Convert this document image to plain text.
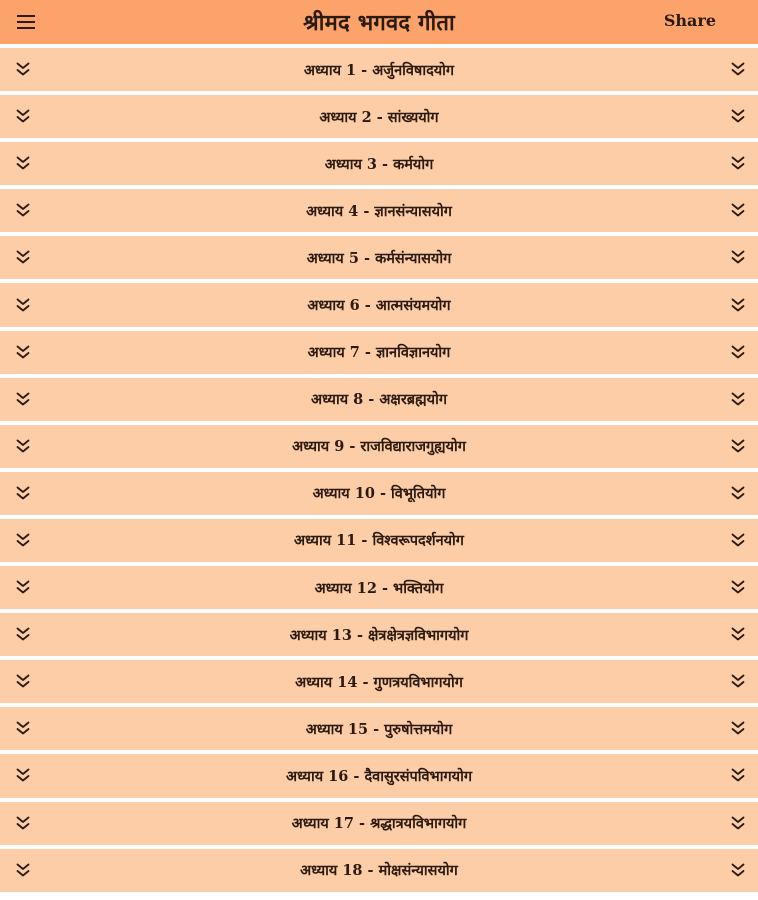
श्रीमद भगवद गीता	Share
अध्याय 1 - अर्जुनविषादयोग
अध्याय 2 - सांख्ययोग
अध्याय 3 - कर्मयोग
अध्याय 4 - ज्ञानसंन्यासयोग
अध्याय 5 - कर्मसंन्यासयोग
अध्याय 6 - आत्मसंयमयोग
अध्याय 7 - ज्ञानविज्ञानयोग
अध्याय 8 - अक्षरब्रह्मयोग
अध्याय 9 - राजविद्याराजगुह्ययोग
अध्याय 10 - विभूतियोग
अध्याय 11 - विश्वरूपदर्शनयोग
अध्याय 12 - भक्तियोग
अध्याय 13 - क्षेत्रक्षेत्रज्ञविभागयोग
अध्याय 14 - गुणत्रयविभागयोग
अध्याय 15 - पुरुषोत्तमयोग
अध्याय 16 - दैवासुरसंपविभागयोग
अध्याय 17 - श्रद्धात्रयविभागयोग
अध्याय 18 - मोक्षसंन्यासयोग
